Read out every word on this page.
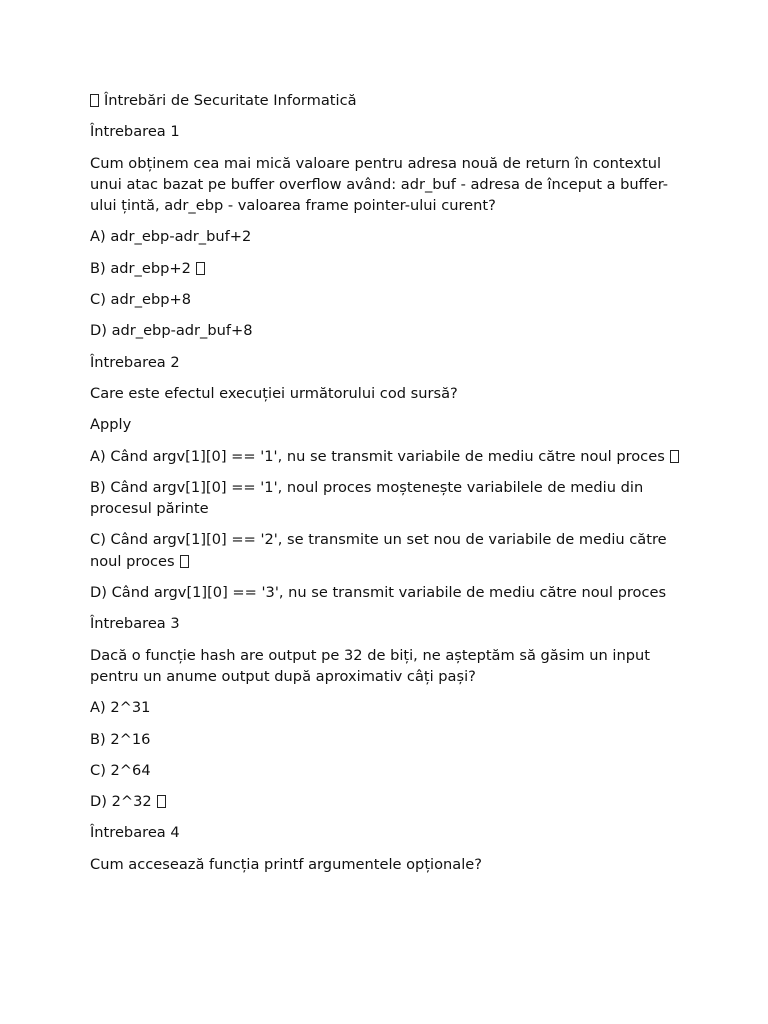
Întrebări de Securitate Informatică

Întrebarea 1

Cum obținem cea mai mică valoare pentru adresa nouă de return în contextul unui atac bazat pe buffer overflow având: adr_buf - adresa de început a buffer-ului țintă, adr_ebp - valoarea frame pointer-ului curent?

A) adr_ebp-adr_buf+2

B) adr_ebp+2

C) adr_ebp+8

D) adr_ebp-adr_buf+8

Întrebarea 2

Care este efectul execuției următorului cod sursă?

Apply

A) Când argv[1][0] == '1', nu se transmit variabile de mediu către noul proces

B) Când argv[1][0] == '1', noul proces moștenește variabilele de mediu din procesul părinte

C) Când argv[1][0] == '2', se transmite un set nou de variabile de mediu către noul proces

D) Când argv[1][0] == '3', nu se transmit variabile de mediu către noul proces

Întrebarea 3

Dacă o funcție hash are output pe 32 de biți, ne așteptăm să găsim un input pentru un anume output după aproximativ câți pași?

A) 2^31

B) 2^16

C) 2^64

D) 2^32

Întrebarea 4

Cum accesează funcția printf argumentele opționale?
